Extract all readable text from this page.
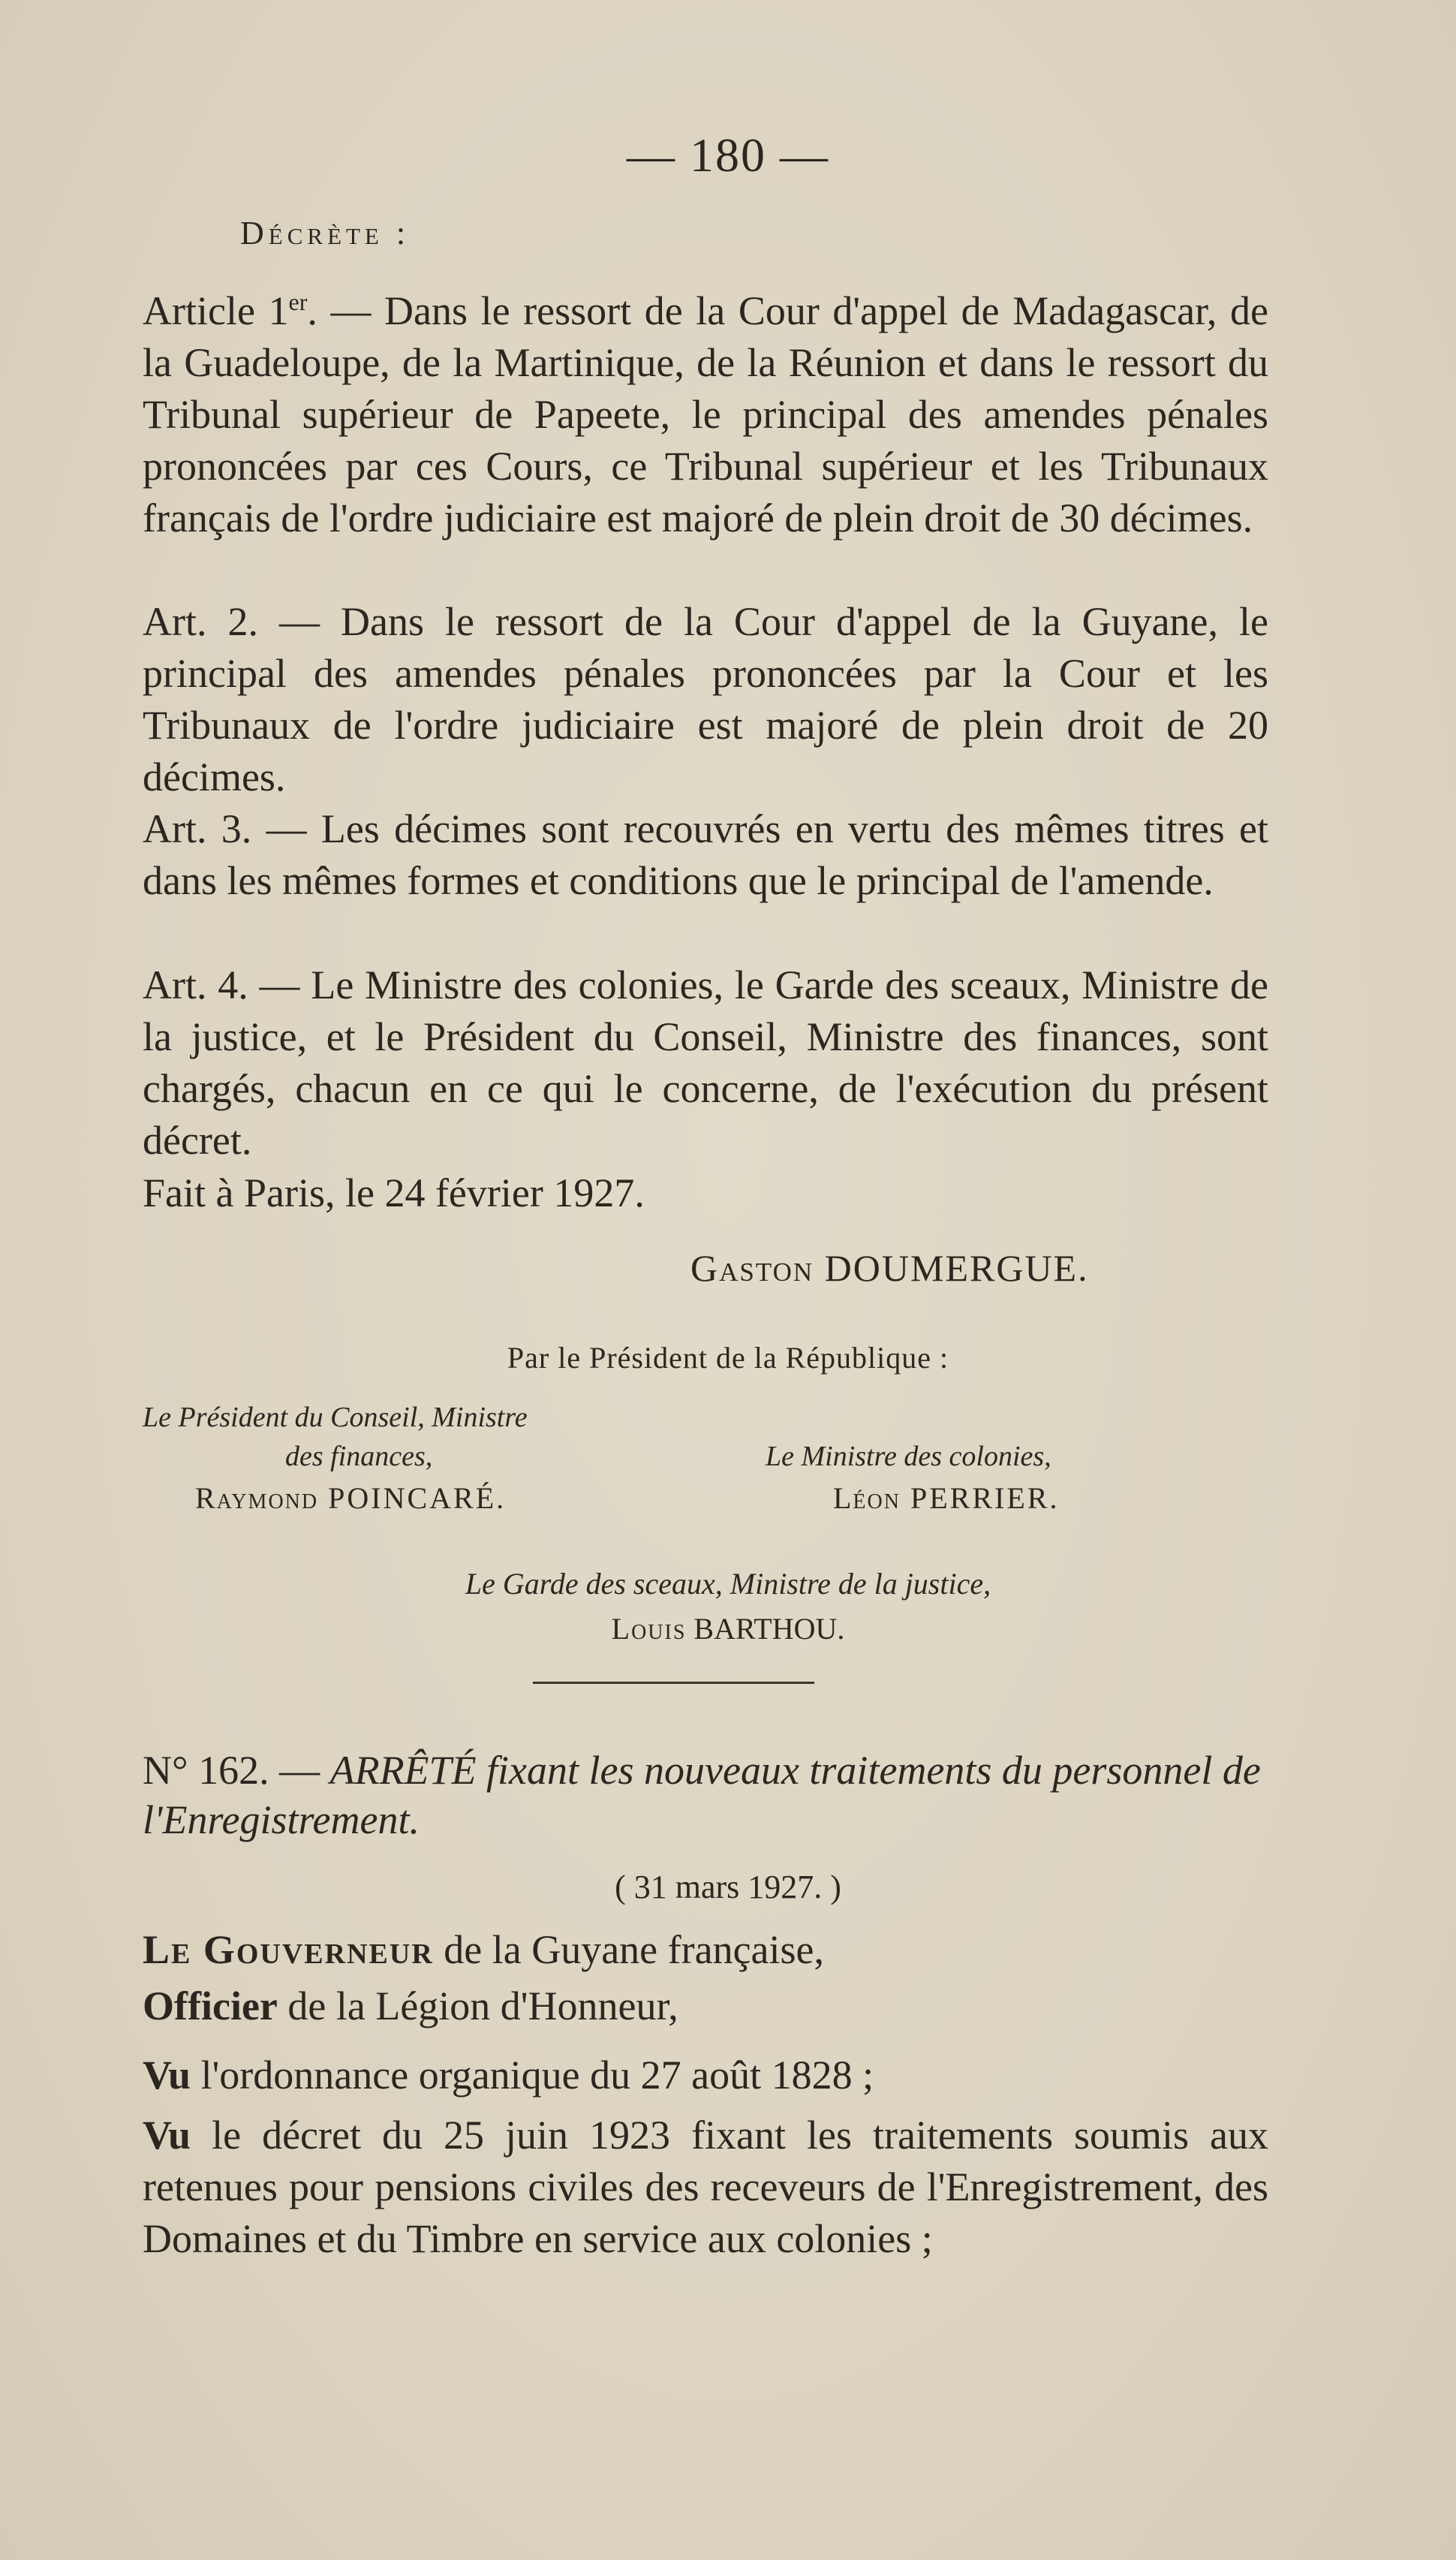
— 180 —
Décrète :
Article 1er. — Dans le ressort de la Cour d'appel de Madagascar, de la Guadeloupe, de la Martinique, de la Réunion et dans le ressort du Tribunal supérieur de Papeete, le principal des amendes pénales prononcées par ces Cours, ce Tribunal supérieur et les Tribunaux français de l'ordre judiciaire est majoré de plein droit de 30 décimes.
Art. 2. — Dans le ressort de la Cour d'appel de la Guyane, le principal des amendes pénales prononcées par la Cour et les Tribunaux de l'ordre judiciaire est majoré de plein droit de 20 décimes.
Art. 3. — Les décimes sont recouvrés en vertu des mêmes titres et dans les mêmes formes et conditions que le principal de l'amende.
Art. 4. — Le Ministre des colonies, le Garde des sceaux, Ministre de la justice, et le Président du Conseil, Ministre des finances, sont chargés, chacun en ce qui le concerne, de l'exécution du présent décret.
Fait à Paris, le 24 février 1927.
Gaston DOUMERGUE.
Par le Président de la République :
Le Président du Conseil, Ministre
des finances,
Raymond POINCARÉ.
Le Ministre des colonies,
Léon PERRIER.
Le Garde des sceaux, Ministre de la justice,
Louis BARTHOU.
N° 162. — ARRÊTÉ fixant les nouveaux traitements du personnel de l'Enregistrement.
( 31 mars 1927. )
Le Gouverneur de la Guyane française,
Officier de la Légion d'Honneur,
Vu l'ordonnance organique du 27 août 1828 ;
Vu le décret du 25 juin 1923 fixant les traitements soumis aux retenues pour pensions civiles des receveurs de l'Enregistrement, des Domaines et du Timbre en service aux colonies ;
